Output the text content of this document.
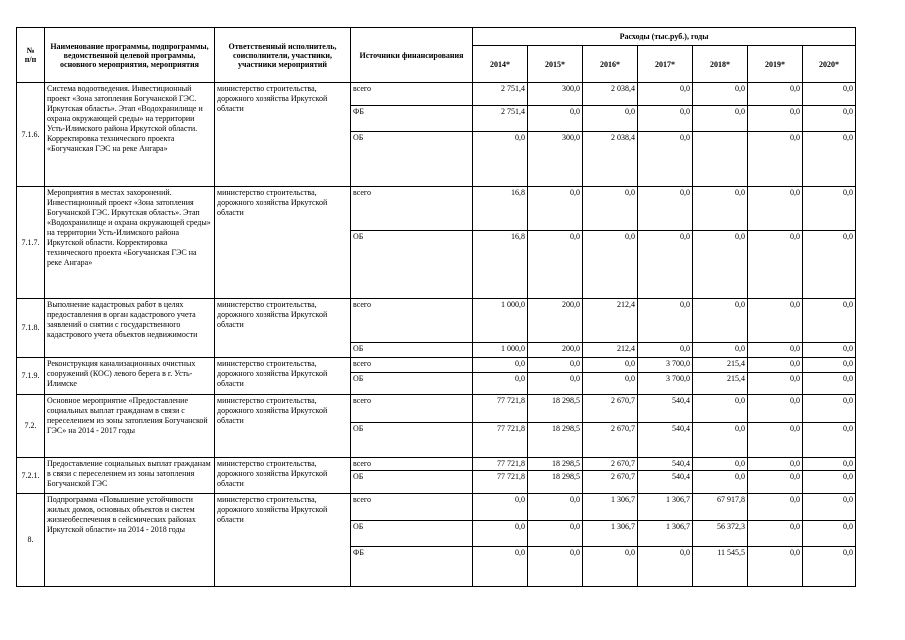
№
п/п	Наименование программы, подпрограммы, ведомственной целевой программы, основного мероприятия, мероприятия	Ответственный исполнитель, соисполнители, участники, участники мероприятий	Источники финансирования	Расходы (тыс.руб.), годы						
				2014*	2015*	2016*	2017*	2018*	2019*	2020*
7.1.6.	Система водоотведения. Инвестиционный проект «Зона затопления Богучанской ГЭС. Иркутская область». Этап «Водохранилище и охрана окружающей среды» на территории Усть-Илимского района Иркутской области. Корректировка технического проекта «Богучанская ГЭС на реке Ангара»	министерство строительства, дорожного хозяйства Иркутской области	всего	2 751,4	300,0	2 038,4	0,0	0,0	0,0	0,0
			ФБ	2 751,4	0,0	0,0	0,0	0,0	0,0	0,0
			ОБ	0,0	300,0	2 038,4	0,0		0,0	0,0
7.1.7.	Мероприятия в местах захоронений. Инвестиционный проект «Зона затопления Богучанской ГЭС. Иркутская область». Этап «Водохранилище и охрана окружающей среды» на территории Усть-Илимского района Иркутской области. Корректировка технического проекта «Богучанская ГЭС на реке Ангара»	министерство строительства, дорожного хозяйства Иркутской области	всего	16,8	0,0	0,0	0,0	0,0	0,0	0,0
			ОБ	16,8	0,0	0,0	0,0	0,0	0,0	0,0
7.1.8.	Выполнение кадастровых работ в целях предоставления в орган кадастрового учета заявлений о снятии с государственного кадастрового учета объектов недвижимости	министерство строительства, дорожного хозяйства Иркутской области	всего	1 000,0	200,0	212,4	0,0	0,0	0,0	0,0
			ОБ	1 000,0	200,0	212,4	0,0	0,0	0,0	0,0
7.1.9.	Реконструкция канализационных очистных сооружений (КОС) левого берега в г. Усть-Илимске	министерство строительства, дорожного хозяйства Иркутской области	всего	0,0	0,0	0,0	3 700,0	215,4	0,0	0,0
			ОБ	0,0	0,0	0,0	3 700,0	215,4	0,0	0,0
7.2.	Основное мероприятие «Предоставление социальных выплат гражданам в связи с переселением из зоны затопления Богучанской ГЭС» на 2014 - 2017 годы	министерство строительства, дорожного хозяйства Иркутской области	всего	77 721,8	18 298,5	2 670,7	540,4	0,0	0,0	0,0
			ОБ	77 721,8	18 298,5	2 670,7	540,4	0,0	0,0	0,0
7.2.1.	Предоставление социальных выплат гражданам в связи с переселением из зоны затопления Богучанской ГЭС	министерство строительства, дорожного хозяйства Иркутской области	всего	77 721,8	18 298,5	2 670,7	540,4	0,0	0,0	0,0
			ОБ	77 721,8	18 298,5	2 670,7	540,4	0,0	0,0	0,0
8.	Подпрограмма «Повышение устойчивости жилых домов, основных объектов и систем жизнеобеспечения в сейсмических районах Иркутской области» на 2014 - 2018 годы	министерство строительства, дорожного хозяйства Иркутской области	всего	0,0	0,0	1 306,7	1 306,7	67 917,8	0,0	0,0
			ОБ	0,0	0,0	1 306,7	1 306,7	56 372,3	0,0	0,0
			ФБ	0,0	0,0	0,0	0,0	11 545,5	0,0	0,0
